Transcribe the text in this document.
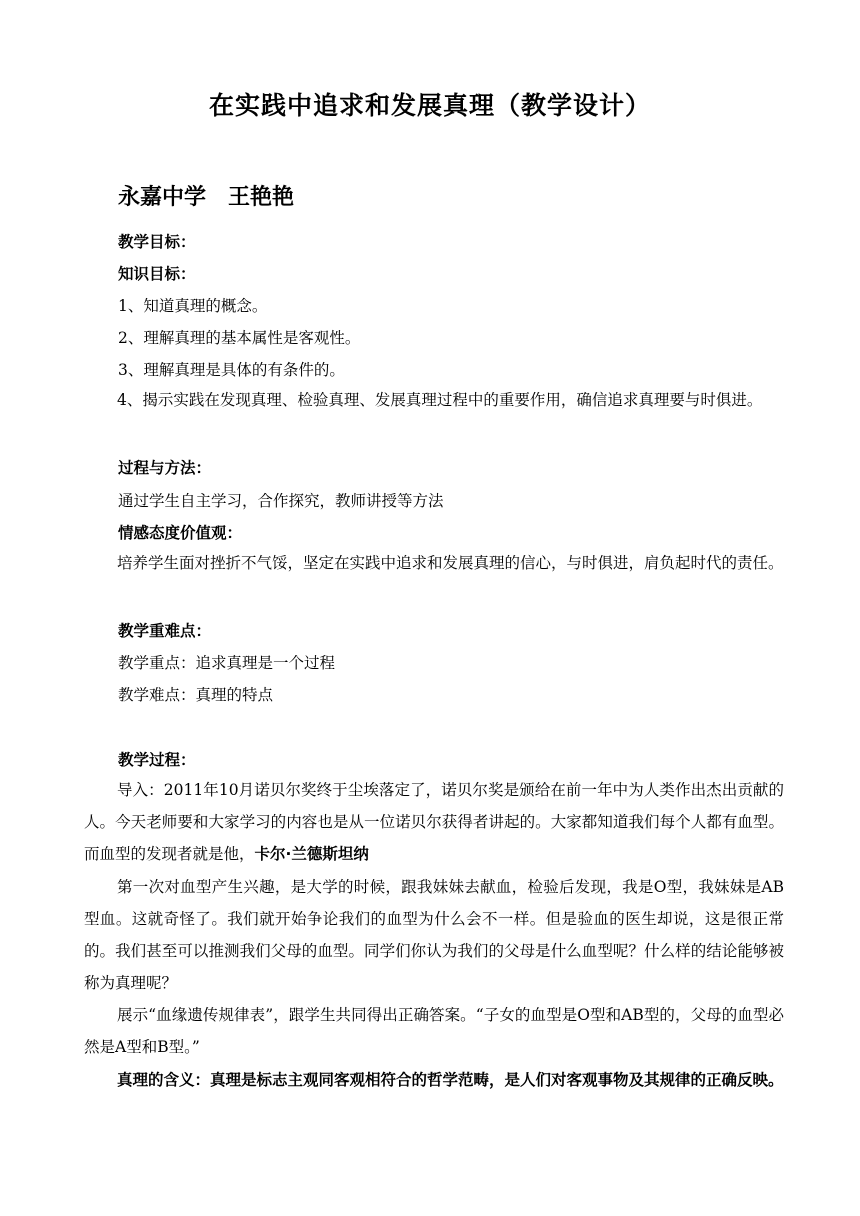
在实践中追求和发展真理（教学设计）
永嘉中学 王艳艳
教学目标：
知识目标：
1、知道真理的概念。
2、理解真理的基本属性是客观性。
3、理解真理是具体的有条件的。
4、揭示实践在发现真理、检验真理、发展真理过程中的重要作用，确信追求真理要与时俱进。
过程与方法：
通过学生自主学习，合作探究，教师讲授等方法
情感态度价值观：
培养学生面对挫折不气馁，坚定在实践中追求和发展真理的信心，与时俱进，肩负起时代的责任。
教学重难点：
教学重点：追求真理是一个过程
教学难点：真理的特点
教学过程：
导入：2011年10月诺贝尔奖终于尘埃落定了，诺贝尔奖是颁给在前一年中为人类作出杰出贡献的人。今天老师要和大家学习的内容也是从一位诺贝尔获得者讲起的。大家都知道我们每个人都有血型。而血型的发现者就是他，卡尔·兰德斯坦纳
第一次对血型产生兴趣，是大学的时候，跟我妹妹去献血，检验后发现，我是O型，我妹妹是AB型血。这就奇怪了。我们就开始争论我们的血型为什么会不一样。但是验血的医生却说，这是很正常的。我们甚至可以推测我们父母的血型。同学们你认为我们的父母是什么血型呢？什么样的结论能够被称为真理呢？
展示“血缘遗传规律表”，跟学生共同得出正确答案。“子女的血型是O型和AB型的，父母的血型必然是A型和B型。”
真理的含义：真理是标志主观同客观相符合的哲学范畴，是人们对客观事物及其规律的正确反映。
